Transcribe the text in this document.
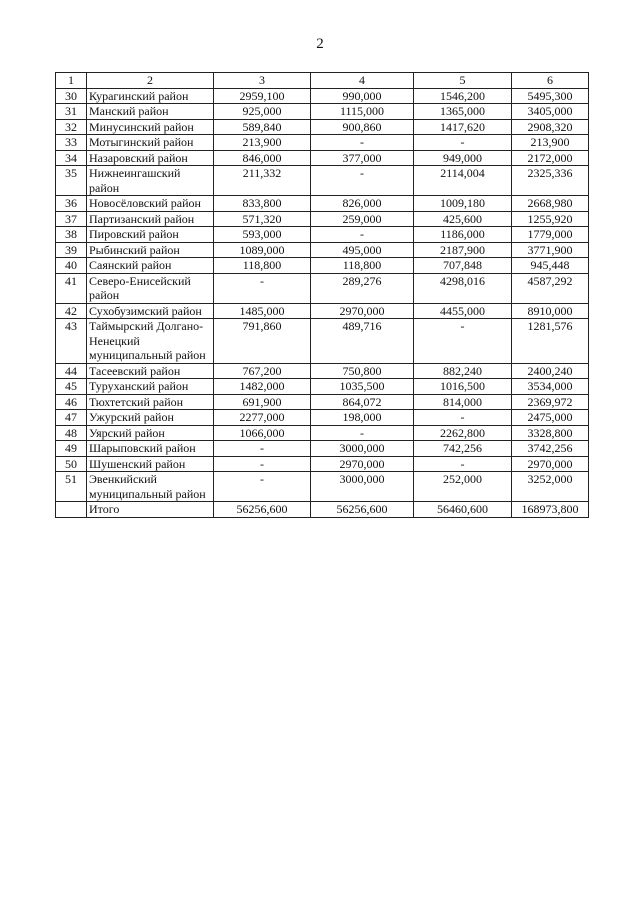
2
1	2	3	4	5	6
30	Курагинский район	2959,100	990,000	1546,200	5495,300
31	Манский район	925,000	1115,000	1365,000	3405,000
32	Минусинский район	589,840	900,860	1417,620	2908,320
33	Мотыгинский район	213,900	-	-	213,900
34	Назаровский район	846,000	377,000	949,000	2172,000
35	Нижнеингашский район	211,332	-	2114,004	2325,336
36	Новосёловский район	833,800	826,000	1009,180	2668,980
37	Партизанский район	571,320	259,000	425,600	1255,920
38	Пировский район	593,000	-	1186,000	1779,000
39	Рыбинский район	1089,000	495,000	2187,900	3771,900
40	Саянский район	118,800	118,800	707,848	945,448
41	Северо-Енисейский район	-	289,276	4298,016	4587,292
42	Сухобузимский район	1485,000	2970,000	4455,000	8910,000
43	Таймырский Долгано-Ненецкий муниципальный район	791,860	489,716	-	1281,576
44	Тасеевский район	767,200	750,800	882,240	2400,240
45	Туруханский район	1482,000	1035,500	1016,500	3534,000
46	Тюхтетский район	691,900	864,072	814,000	2369,972
47	Ужурский район	2277,000	198,000	-	2475,000
48	Уярский район	1066,000	-	2262,800	3328,800
49	Шарыповский район	-	3000,000	742,256	3742,256
50	Шушенский район	-	2970,000	-	2970,000
51	Эвенкийский муниципальный район	-	3000,000	252,000	3252,000
	Итого	56256,600	56256,600	56460,600	168973,800
